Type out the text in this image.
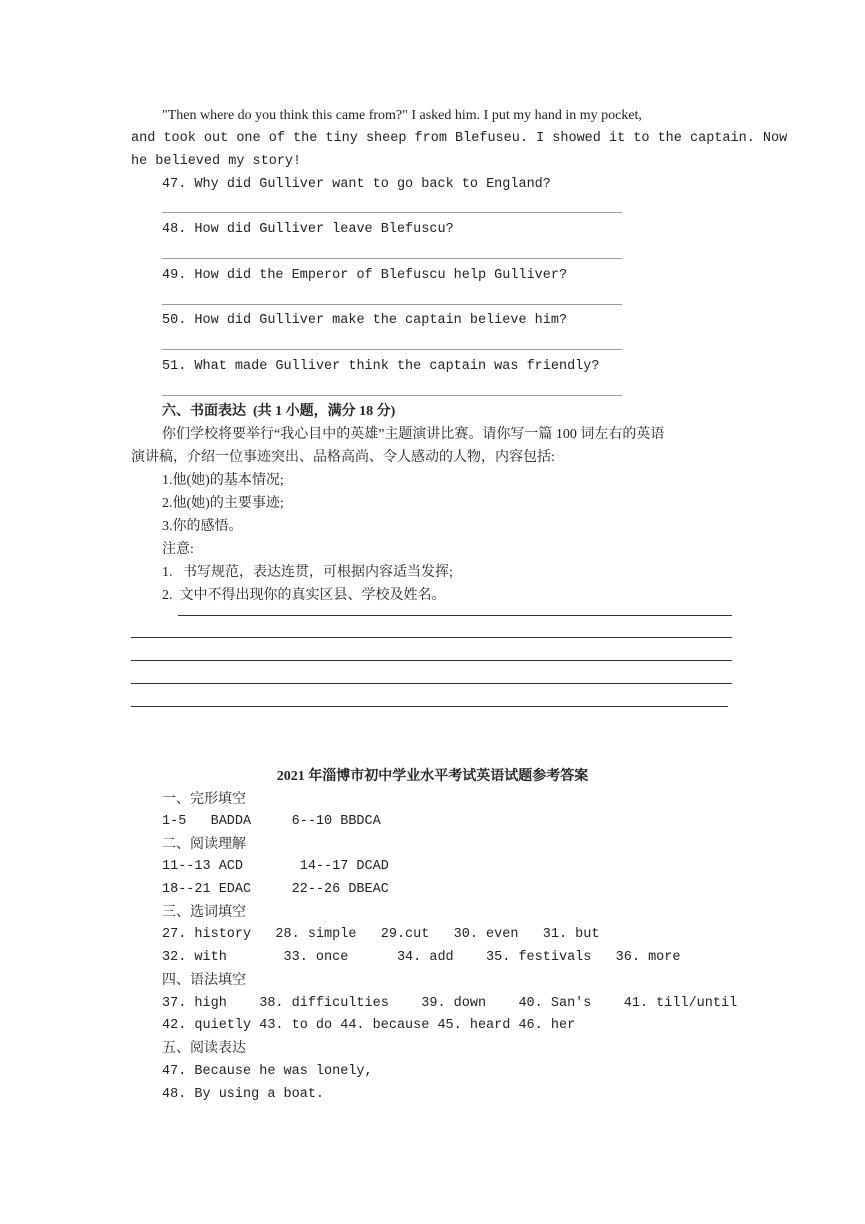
"Then where do you think this came from?" I asked him. I put my hand in my pocket,
and took out one of the tiny sheep from Blefuseu. I showed it to the captain. Now
he believed my story!
47. Why did Gulliver want to go back to England?
48. How did Gulliver leave Blefuscu?
49. How did the Emperor of Blefuscu help Gulliver?
50. How did Gulliver make the captain believe him?
51. What made Gulliver think the captain was friendly?
六、书面表达  (共 1 小题，满分 18 分)
你们学校将要举行“我心目中的英雄”主题演讲比赛。请你写一篇 100 词左右的英语
演讲稿，介绍一位事迹突出、品格高尚、令人感动的人物，内容包括:
1.他(她)的基本情况;
2.他(她)的主要事迹;
3.你的感悟。
注意:
1.   书写规范，表达连贯，可根据内容适当发挥;
2.  文中不得出现你的真实区县、学校及姓名。
2021 年淄博市初中学业水平考试英语试题参考答案
一、完形填空
1-5   BADDA     6--10 BBDCA
二、阅读理解
11--13 ACD       14--17 DCAD
18--21 EDAC     22--26 DBEAC
三、选词填空
27. history   28. simple   29.cut   30. even   31. but
32. with       33. once      34. add    35. festivals   36. more
四、语法填空
37. high    38. difficulties    39. down    40. San's    41. till/until
42. quietly 43. to do 44. because 45. heard 46. her
五、阅读表达
47. Because he was lonely,
48. By using a boat.
